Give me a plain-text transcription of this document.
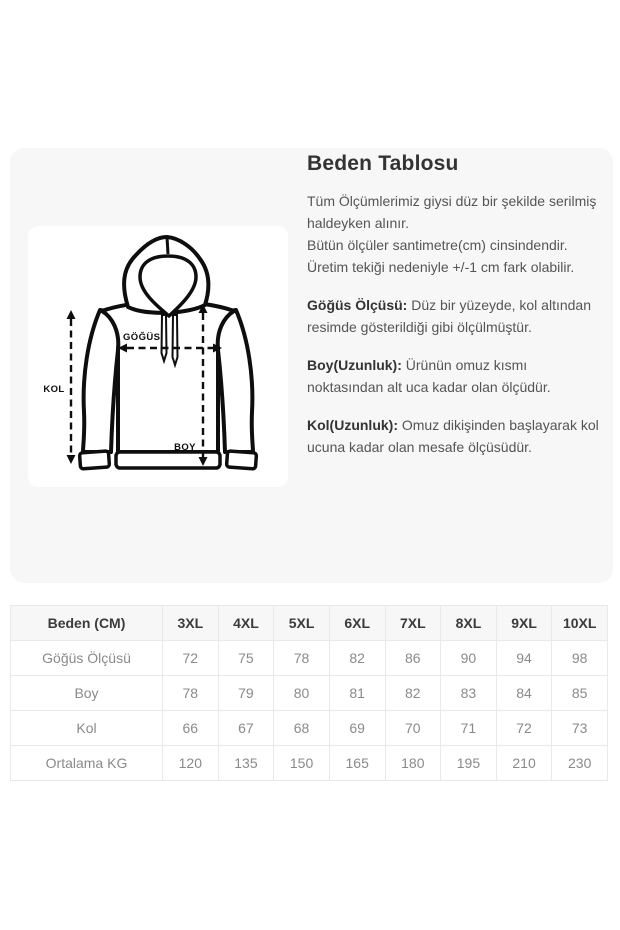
KOL
GÖĞÜS
BOY
Beden Tablosu

Tüm Ölçümlerimiz giysi düz bir şekilde serilmiş haldeyken alınır.

Bütün ölçüler santimetre(cm) cinsindendir. Üretim tekiği nedeniyle +/-1 cm fark olabilir.

Göğüs Ölçüsü: Düz bir yüzeyde, kol altından resimde gösterildiği gibi ölçülmüştür.

Boy(Uzunluk): Ürünün omuz kısmı noktasından alt uca kadar olan ölçüdür.

Kol(Uzunluk): Omuz dikişinden başlayarak kol ucuna kadar olan mesafe ölçüsüdür.

Beden (CM)	3XL	4XL	5XL	6XL	7XL	8XL	9XL	10XL
Göğüs Ölçüsü	72	75	78	82	86	90	94	98
Boy	78	79	80	81	82	83	84	85
Kol	66	67	68	69	70	71	72	73
Ortalama KG	120	135	150	165	180	195	210	230
